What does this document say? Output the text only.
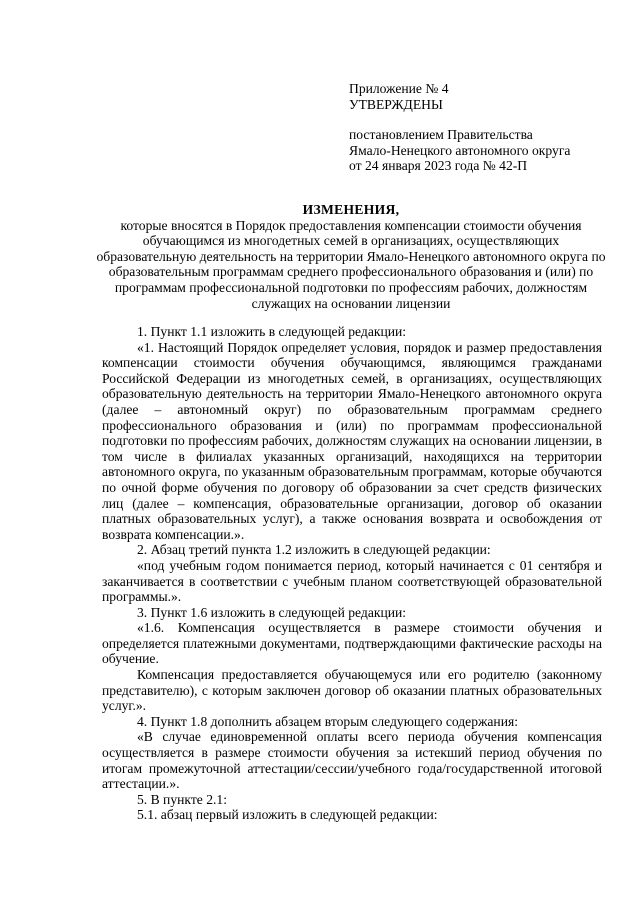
Приложение № 4
УТВЕРЖДЕНЫ
постановлением Правительства
Ямало-Ненецкого автономного округа
от 24 января 2023 года № 42-П
ИЗМЕНЕНИЯ,
которые вносятся в Порядок предоставления компенсации стоимости обучения обучающимся из многодетных семей в организациях, осуществляющих образовательную деятельность на территории Ямало-Ненецкого автономного округа по образовательным программам среднего профессионального образования и (или) по программам профессиональной подготовки по профессиям рабочих, должностям служащих на основании лицензии

1. Пункт 1.1 изложить в следующей редакции:

«1. Настоящий Порядок определяет условия, порядок и размер предоставления компенсации стоимости обучения обучающимся, являющимся гражданами Российской Федерации из многодетных семей, в организациях, осуществляющих образовательную деятельность на территории Ямало-Ненецкого автономного округа (далее – автономный округ) по образовательным программам среднего профессионального образования и (или) по программам профессиональной подготовки по профессиям рабочих, должностям служащих на основании лицензии, в том числе в филиалах указанных организаций, находящихся на территории автономного округа, по указанным образовательным программам, которые обучаются по очной форме обучения по договору об образовании за счет средств физических лиц (далее – компенсация, образовательные организации, договор об оказании платных образовательных услуг), а также основания возврата и освобождения от возврата компенсации.».

2. Абзац третий пункта 1.2 изложить в следующей редакции:

«под учебным годом понимается период, который начинается с 01 сентября и заканчивается в соответствии с учебным планом соответствующей образовательной программы.».

3. Пункт 1.6 изложить в следующей редакции:

«1.6. Компенсация осуществляется в размере стоимости обучения и определяется платежными документами, подтверждающими фактические расходы на обучение.

Компенсация предоставляется обучающемуся или его родителю (законному представителю), с которым заключен договор об оказании платных образовательных услуг.».

4. Пункт 1.8 дополнить абзацем вторым следующего содержания:

«В случае единовременной оплаты всего периода обучения компенсация осуществляется в размере стоимости обучения за истекший период обучения по итогам промежуточной аттестации/сессии/учебного года/государственной итоговой аттестации.».

5. В пункте 2.1:

5.1. абзац первый изложить в следующей редакции:
